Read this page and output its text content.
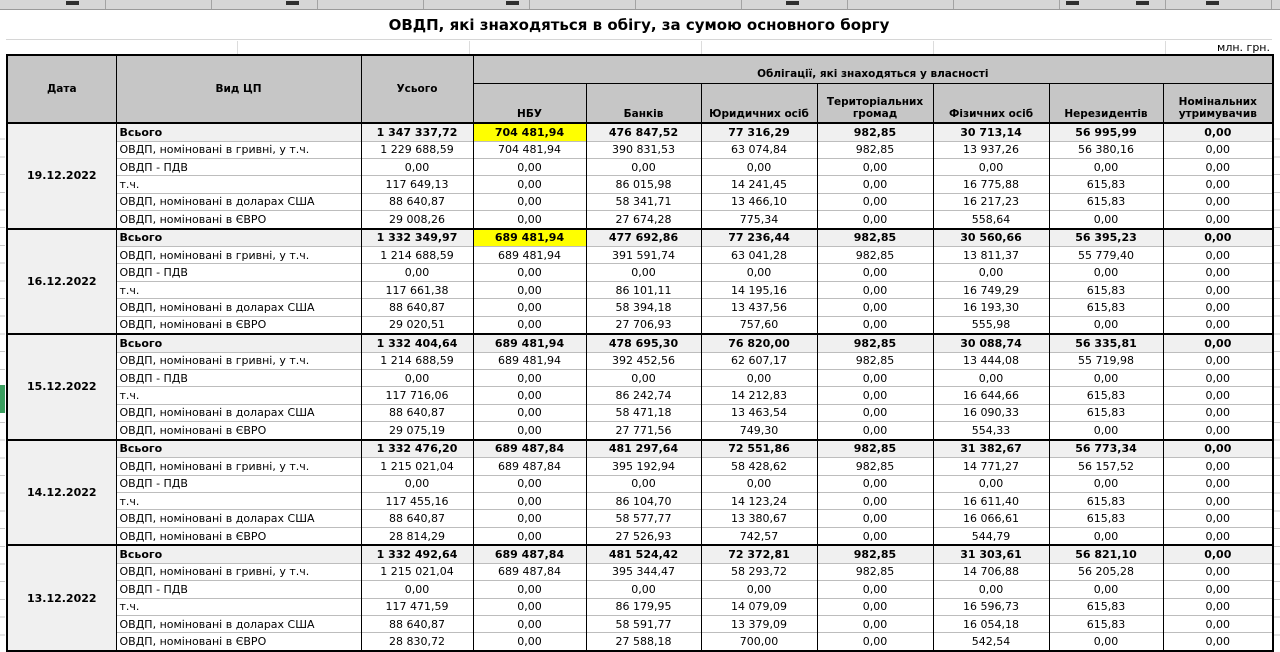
ОВДП, які знаходяться в обігу, за сумою основного боргу
млн. грн.
Дата	Вид ЦП	Усього	Облігації, які знаходяться у власності						
			НБУ	Банків	Юридичних осіб	Територіальних громад	Фізичних осіб	Нерезидентів	Номінальних утримувачив
19.12.2022	Всього	1 347 337,72	704 481,94	476 847,52	77 316,29	982,85	30 713,14	56 995,99	0,00
	ОВДП, номіновані в гривні, у т.ч.	1 229 688,59	704 481,94	390 831,53	63 074,84	982,85	13 937,26	56 380,16	0,00
	ОВДП - ПДВ	0,00	0,00	0,00	0,00	0,00	0,00	0,00	0,00
	т.ч.	117 649,13	0,00	86 015,98	14 241,45	0,00	16 775,88	615,83	0,00
	ОВДП, номіновані в доларах США	88 640,87	0,00	58 341,71	13 466,10	0,00	16 217,23	615,83	0,00
	ОВДП, номіновані в ЄВРО	29 008,26	0,00	27 674,28	775,34	0,00	558,64	0,00	0,00
16.12.2022	Всього	1 332 349,97	689 481,94	477 692,86	77 236,44	982,85	30 560,66	56 395,23	0,00
	ОВДП, номіновані в гривні, у т.ч.	1 214 688,59	689 481,94	391 591,74	63 041,28	982,85	13 811,37	55 779,40	0,00
	ОВДП - ПДВ	0,00	0,00	0,00	0,00	0,00	0,00	0,00	0,00
	т.ч.	117 661,38	0,00	86 101,11	14 195,16	0,00	16 749,29	615,83	0,00
	ОВДП, номіновані в доларах США	88 640,87	0,00	58 394,18	13 437,56	0,00	16 193,30	615,83	0,00
	ОВДП, номіновані в ЄВРО	29 020,51	0,00	27 706,93	757,60	0,00	555,98	0,00	0,00
15.12.2022	Всього	1 332 404,64	689 481,94	478 695,30	76 820,00	982,85	30 088,74	56 335,81	0,00
	ОВДП, номіновані в гривні, у т.ч.	1 214 688,59	689 481,94	392 452,56	62 607,17	982,85	13 444,08	55 719,98	0,00
	ОВДП - ПДВ	0,00	0,00	0,00	0,00	0,00	0,00	0,00	0,00
	т.ч.	117 716,06	0,00	86 242,74	14 212,83	0,00	16 644,66	615,83	0,00
	ОВДП, номіновані в доларах США	88 640,87	0,00	58 471,18	13 463,54	0,00	16 090,33	615,83	0,00
	ОВДП, номіновані в ЄВРО	29 075,19	0,00	27 771,56	749,30	0,00	554,33	0,00	0,00
14.12.2022	Всього	1 332 476,20	689 487,84	481 297,64	72 551,86	982,85	31 382,67	56 773,34	0,00
	ОВДП, номіновані в гривні, у т.ч.	1 215 021,04	689 487,84	395 192,94	58 428,62	982,85	14 771,27	56 157,52	0,00
	ОВДП - ПДВ	0,00	0,00	0,00	0,00	0,00	0,00	0,00	0,00
	т.ч.	117 455,16	0,00	86 104,70	14 123,24	0,00	16 611,40	615,83	0,00
	ОВДП, номіновані в доларах США	88 640,87	0,00	58 577,77	13 380,67	0,00	16 066,61	615,83	0,00
	ОВДП, номіновані в ЄВРО	28 814,29	0,00	27 526,93	742,57	0,00	544,79	0,00	0,00
13.12.2022	Всього	1 332 492,64	689 487,84	481 524,42	72 372,81	982,85	31 303,61	56 821,10	0,00
	ОВДП, номіновані в гривні, у т.ч.	1 215 021,04	689 487,84	395 344,47	58 293,72	982,85	14 706,88	56 205,28	0,00
	ОВДП - ПДВ	0,00	0,00	0,00	0,00	0,00	0,00	0,00	0,00
	т.ч.	117 471,59	0,00	86 179,95	14 079,09	0,00	16 596,73	615,83	0,00
	ОВДП, номіновані в доларах США	88 640,87	0,00	58 591,77	13 379,09	0,00	16 054,18	615,83	0,00
	ОВДП, номіновані в ЄВРО	28 830,72	0,00	27 588,18	700,00	0,00	542,54	0,00	0,00
